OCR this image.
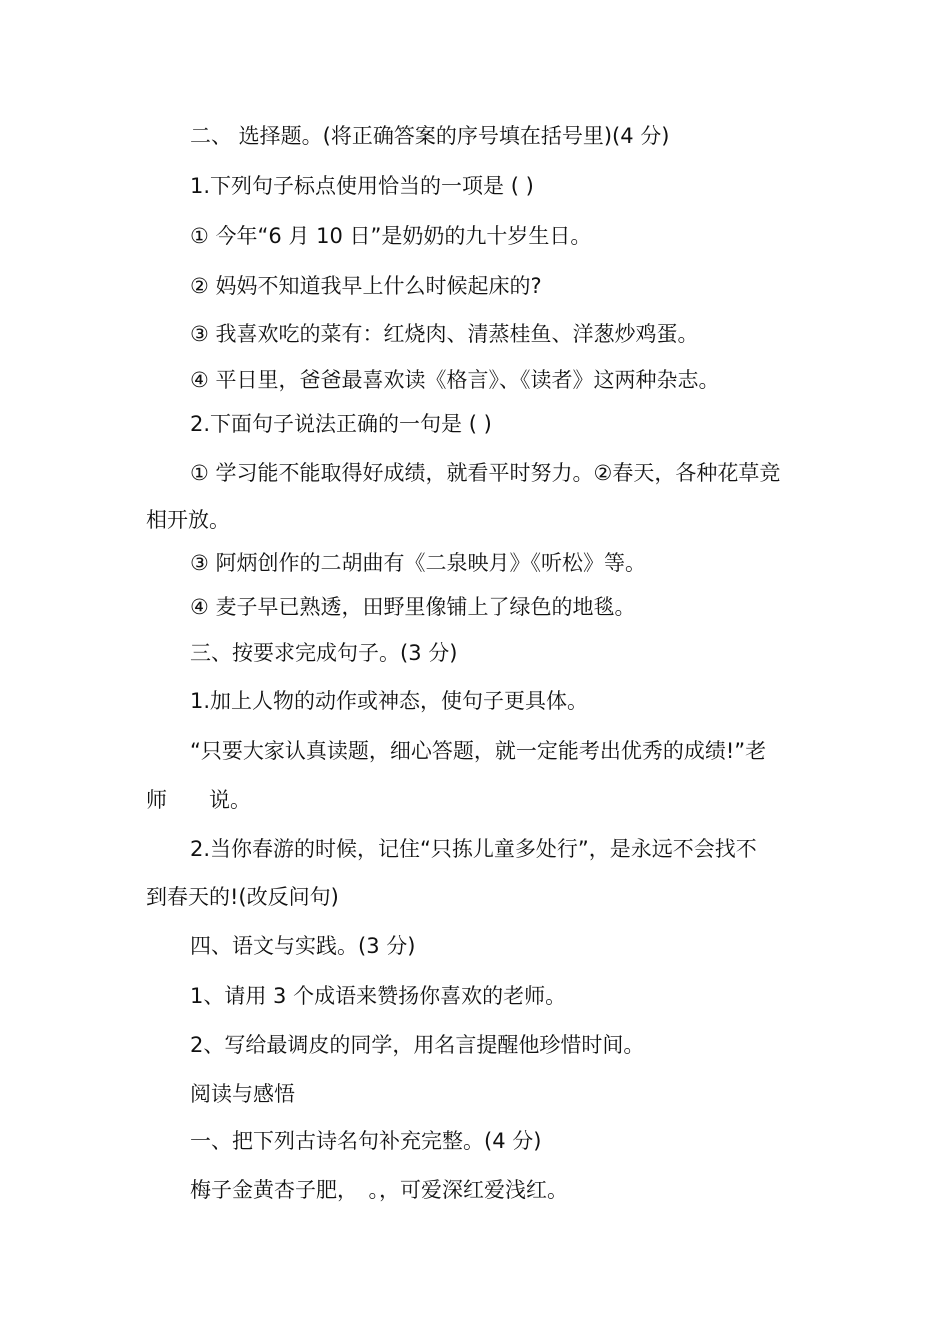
二、 选择题。(将正确答案的序号填在括号里)(4 分)

1.下列句子标点使用恰当的一项是 ( )

① 今年“6 月 10 日”是奶奶的九十岁生日。

② 妈妈不知道我早上什么时候起床的?

③ 我喜欢吃的菜有：红烧肉、清蒸桂鱼、洋葱炒鸡蛋。

④ 平日里，爸爸最喜欢读《格言》、《读者》这两种杂志。

2.下面句子说法正确的一句是 ( )

① 学习能不能取得好成绩，就看平时努力。②春天，各种花草竞

相开放。

③ 阿炳创作的二胡曲有《二泉映月》《听松》等。

④ 麦子早已熟透，田野里像铺上了绿色的地毯。

三、按要求完成句子。(3 分)

1.加上人物的动作或神态，使句子更具体。

“只要大家认真读题，细心答题，就一定能考出优秀的成绩!”老

师　　说。

2.当你春游的时候，记住“只拣儿童多处行”，是永远不会找不

到春天的!(改反问句)

四、语文与实践。(3 分)

1、请用 3 个成语来赞扬你喜欢的老师。

2、写给最调皮的同学，用名言提醒他珍惜时间。

阅读与感悟

一、把下列古诗名句补充完整。(4 分)

梅子金黄杏子肥，　。，可爱深红爱浅红。
